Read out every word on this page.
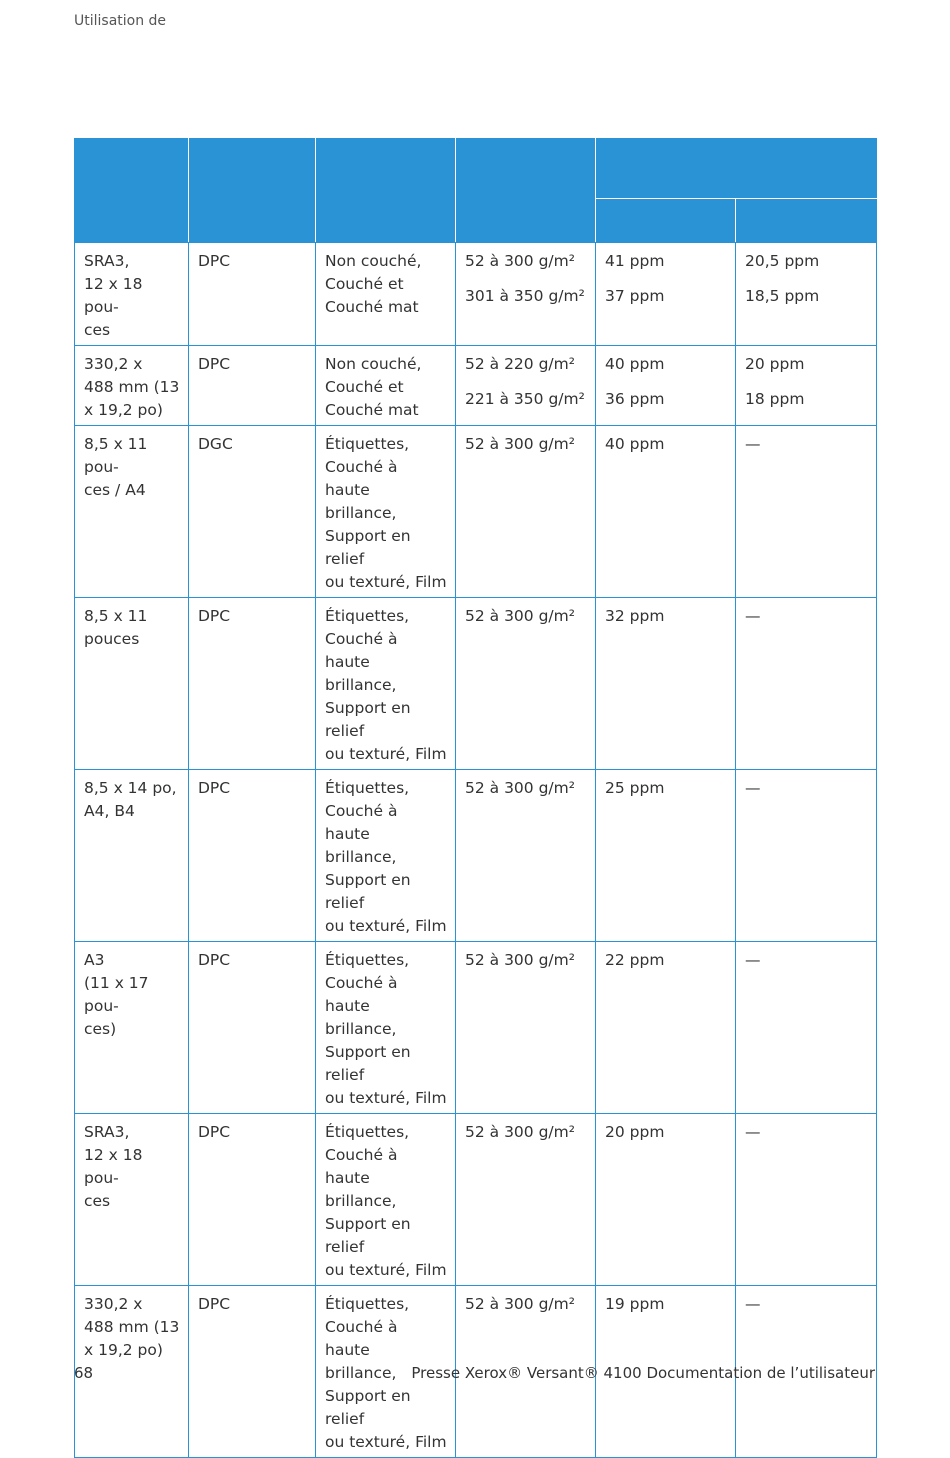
Utilisation de

SRA3,
12 x 18 pou-
ces	DPC	Non couché,
Couché et
Couché mat	52 à 300 g/m²
301 à 350 g/m²	41 ppm
37 ppm	20,5 ppm
18,5 ppm

330,2 x
488 mm (13
x 19,2 po)	DPC	Non couché,
Couché et
Couché mat	52 à 220 g/m²
221 à 350 g/m²	40 ppm
36 ppm	20 ppm
18 ppm

8,5 x 11 pou-
ces / A4	DGC	Étiquettes,
Couché à haute
brillance,
Support en relief
ou texturé, Film	52 à 300 g/m²	40 ppm	—

8,5 x 11
pouces	DPC	Étiquettes,
Couché à haute
brillance,
Support en relief
ou texturé, Film	52 à 300 g/m²	32 ppm	—

8,5 x 14 po,
A4, B4	DPC	Étiquettes,
Couché à haute
brillance,
Support en relief
ou texturé, Film	52 à 300 g/m²	25 ppm	—

A3
(11 x 17 pou-
ces)	DPC	Étiquettes,
Couché à haute
brillance,
Support en relief
ou texturé, Film	52 à 300 g/m²	22 ppm	—

SRA3,
12 x 18 pou-
ces	DPC	Étiquettes,
Couché à haute
brillance,
Support en relief
ou texturé, Film	52 à 300 g/m²	20 ppm	—

330,2 x
488 mm (13
x 19,2 po)	DPC	Étiquettes,
Couché à haute
brillance,
Support en relief
ou texturé, Film	52 à 300 g/m²	19 ppm	—
68	Presse Xerox® Versant® 4100 Documentation de l’utilisateur
